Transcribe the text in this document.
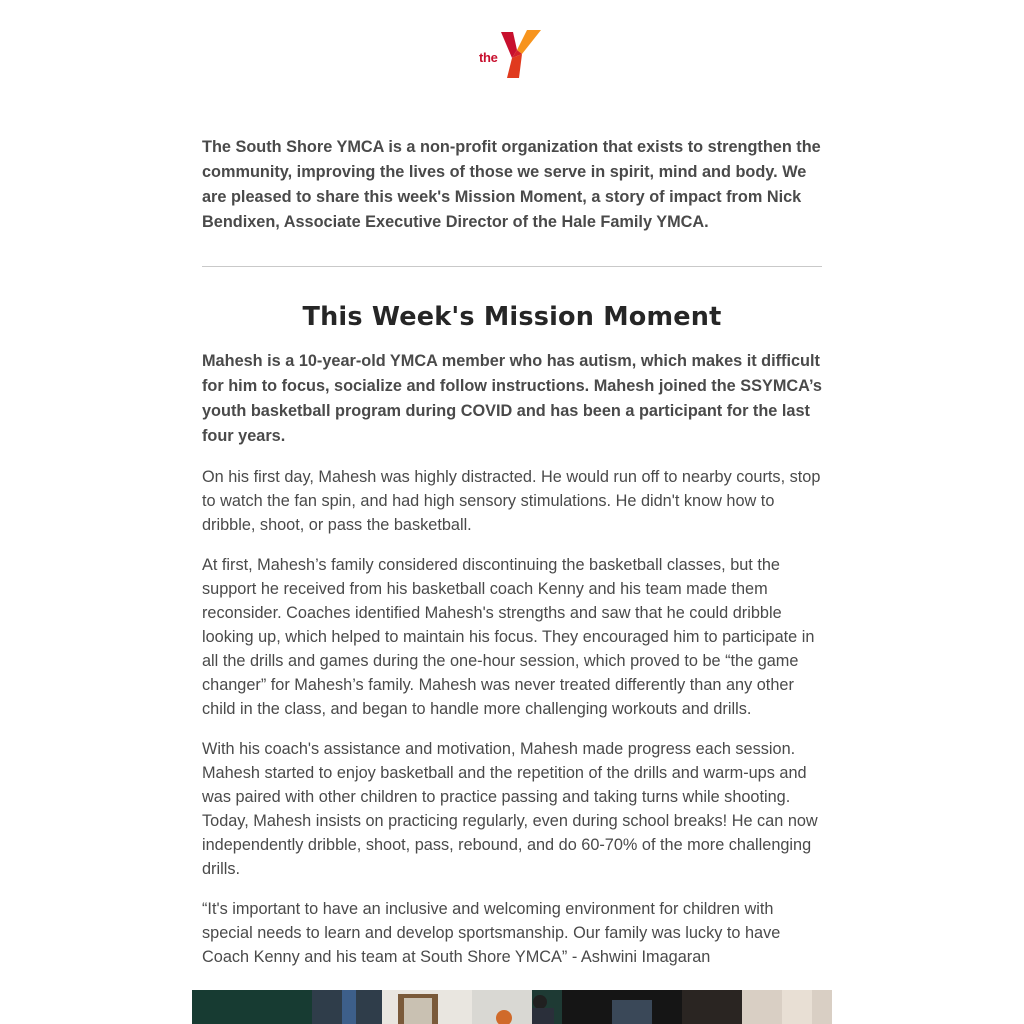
the

The South Shore YMCA is a non-profit organization that exists to strengthen the community, improving the lives of those we serve in spirit, mind and body. We are pleased to share this week's Mission Moment, a story of impact from Nick Bendixen, Associate Executive Director of the Hale Family YMCA.

This Week's Mission Moment

Mahesh is a 10-year-old YMCA member who has autism, which makes it difficult for him to focus, socialize and follow instructions. Mahesh joined the SSYMCA’s youth basketball program during COVID and has been a participant for the last four years.

On his first day, Mahesh was highly distracted. He would run off to nearby courts, stop to watch the fan spin, and had high sensory stimulations. He didn't know how to dribble, shoot, or pass the basketball.

At first, Mahesh’s family considered discontinuing the basketball classes, but the support he received from his basketball coach Kenny and his team made them reconsider. Coaches identified Mahesh's strengths and saw that he could dribble looking up, which helped to maintain his focus. They encouraged him to participate in all the drills and games during the one-hour session, which proved to be “the game changer” for Mahesh’s family. Mahesh was never treated differently than any other child in the class, and began to handle more challenging workouts and drills.

With his coach's assistance and motivation, Mahesh made progress each session. Mahesh started to enjoy basketball and the repetition of the drills and warm-ups and was paired with other children to practice passing and taking turns while shooting. Today, Mahesh insists on practicing regularly, even during school breaks! He can now independently dribble, shoot, pass, rebound, and do 60-70% of the more challenging drills.

“It's important to have an inclusive and welcoming environment for children with special needs to learn and develop sportsmanship. Our family was lucky to have Coach Kenny and his team at South Shore YMCA” - Ashwini Imagaran
